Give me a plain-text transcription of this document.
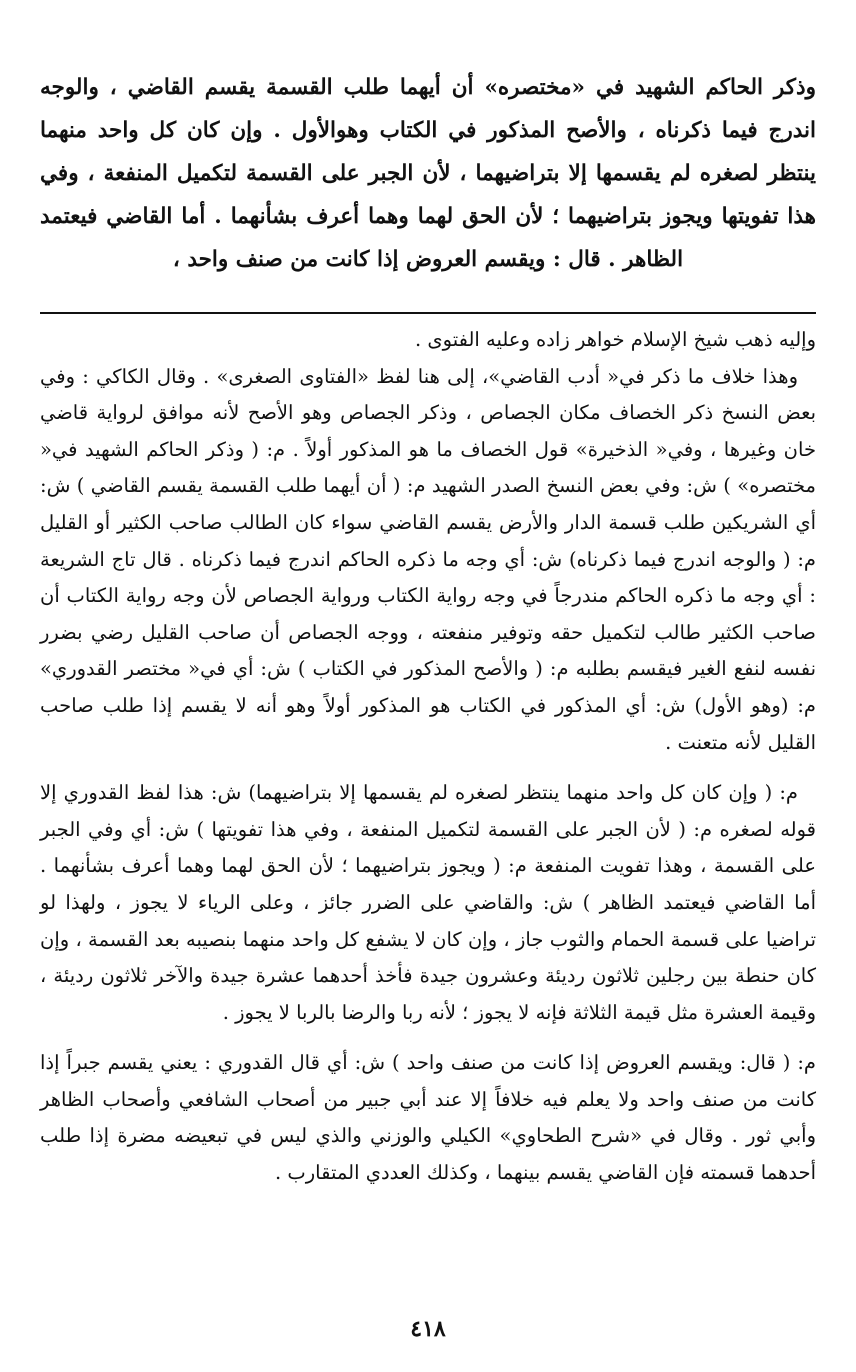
وذكر الحاكم الشهيد في «مختصره» أن أيهما طلب القسمة يقسم القاضي ، والوجه اندرج فيما ذكرناه ، والأصح المذكور في الكتاب وهوالأول . وإن كان كل واحد منهما ينتظر لصغره لم يقسمها إلا بتراضيهما ، لأن الجبر على القسمة لتكميل المنفعة ، وفي هذا تفويتها ويجوز بتراضيهما ؛ لأن الحق لهما وهما أعرف بشأنهما . أما القاضي فيعتمد الظاهر . قال : ويقسم العروض إذا كانت من صنف واحد ،

وإليه ذهب شيخ الإسلام خواهر زاده وعليه الفتوى .

وهذا خلاف ما ذكر في« أدب القاضي»، إلى هنا لفظ «الفتاوى الصغرى» . وقال الكاكي : وفي بعض النسخ ذكر الخصاف مكان الجصاص ، وذكر الجصاص وهو الأصح لأنه موافق لرواية قاضي خان وغيرها ، وفي« الذخيرة» قول الخصاف ما هو المذكور أولاً . م: ( وذكر الحاكم الشهيد في« مختصره» ) ش: وفي بعض النسخ الصدر الشهيد م: ( أن أيهما طلب القسمة يقسم القاضي ) ش: أي الشريكين طلب قسمة الدار والأرض يقسم القاضي سواء كان الطالب صاحب الكثير أو القليل م: ( والوجه اندرج فيما ذكرناه) ش: أي وجه ما ذكره الحاكم اندرج فيما ذكرناه . قال تاج الشريعة : أي وجه ما ذكره الحاكم مندرجاً في وجه رواية الكتاب ورواية الجصاص لأن وجه رواية الكتاب أن صاحب الكثير طالب لتكميل حقه وتوفير منفعته ، ووجه الجصاص أن صاحب القليل رضي بضرر نفسه لنفع الغير فيقسم بطلبه م: ( والأصح المذكور في الكتاب ) ش: أي في« مختصر القدوري» م: (وهو الأول) ش: أي المذكور في الكتاب هو المذكور أولاً وهو أنه لا يقسم إذا طلب صاحب القليل لأنه متعنت .

م: ( وإن كان كل واحد منهما ينتظر لصغره لم يقسمها إلا بتراضيهما) ش: هذا لفظ القدوري إلا قوله لصغره م: ( لأن الجبر على القسمة لتكميل المنفعة ، وفي هذا تفويتها ) ش: أي وفي الجبر على القسمة ، وهذا تفويت المنفعة م: ( ويجوز بتراضيهما ؛ لأن الحق لهما وهما أعرف بشأنهما . أما القاضي فيعتمد الظاهر ) ش: والقاضي على الضرر جائز ، وعلى الرياء لا يجوز ، ولهذا لو تراضيا على قسمة الحمام والثوب جاز ، وإن كان لا يشفع كل واحد منهما بنصيبه بعد القسمة ، وإن كان حنطة بين رجلين ثلاثون رديئة وعشرون جيدة فأخذ أحدهما عشرة جيدة والآخر ثلاثون رديئة ، وقيمة العشرة مثل قيمة الثلاثة فإنه لا يجوز ؛ لأنه ربا والرضا بالربا لا يجوز .

م: ( قال: ويقسم العروض إذا كانت من صنف واحد ) ش: أي قال القدوري : يعني يقسم جبراً إذا كانت من صنف واحد ولا يعلم فيه خلافاً إلا عند أبي جبير من أصحاب الشافعي وأصحاب الظاهر وأبي ثور . وقال في «شرح الطحاوي» الكيلي والوزني والذي ليس في تبعيضه مضرة إذا طلب أحدهما قسمته فإن القاضي يقسم بينهما ، وكذلك العددي المتقارب .

٤١٨
